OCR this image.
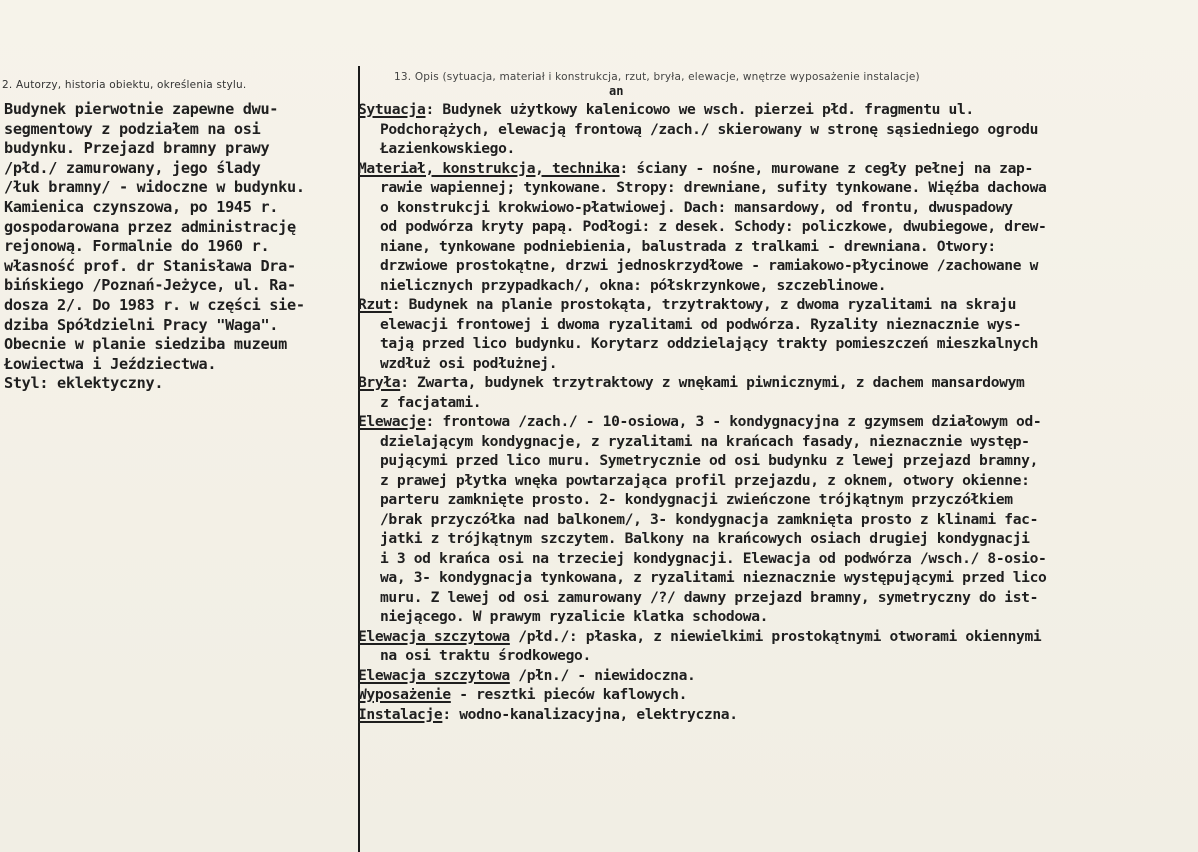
2. Autorzy, historia obiektu, określenia stylu.
13. Opis (sytuacja, materiał i konstrukcja, rzut, bryła, elewacje, wnętrze wyposażenie instalacje)
Budynek pierwotnie zapewne dwu-
segmentowy z podziałem na osi
budynku. Przejazd bramny prawy
/płd./ zamurowany, jego ślady
/łuk bramny/ - widoczne w budynku.
Kamienica czynszowa, po 1945 r.
gospodarowana przez administrację
rejonową. Formalnie do 1960 r.
własność prof. dr Stanisława Dra-
bińskiego /Poznań-Jeżyce, ul. Ra-
dosza 2/. Do 1983 r. w części sie-
dziba Spółdzielni Pracy "Waga".
Obecnie w planie siedziba muzeum
Łowiectwa i Jeździectwa.
Styl: eklektyczny.
an
Sytuacja: Budynek użytkowy kalenicowo we wsch. pierzei płd. fragmentu ul.
Podchorążych, elewacją frontową /zach./ skierowany w stronę sąsiedniego ogrodu
Łazienkowskiego.
Materiał, konstrukcja, technika: ściany - nośne, murowane z cegły pełnej na zap-
rawie wapiennej; tynkowane. Stropy: drewniane, sufity tynkowane. Więźba dachowa
o konstrukcji krokwiowo-płatwiowej. Dach: mansardowy, od frontu, dwuspadowy
od podwórza kryty papą. Podłogi: z desek. Schody: policzkowe, dwubiegowe, drew-
niane, tynkowane podniebienia, balustrada z tralkami - drewniana. Otwory:
drzwiowe prostokątne, drzwi jednoskrzydłowe - ramiakowo-płycinowe /zachowane w
nielicznych przypadkach/, okna: półskrzynkowe, szczeblinowe.
Rzut: Budynek na planie prostokąta, trzytraktowy, z dwoma ryzalitami na skraju
elewacji frontowej i dwoma ryzalitami od podwórza. Ryzality nieznacznie wys-
tają przed lico budynku. Korytarz oddzielający trakty pomieszczeń mieszkalnych
wzdłuż osi podłużnej.
Bryła: Zwarta, budynek trzytraktowy z wnękami piwnicznymi, z dachem mansardowym
z facjatami.
Elewacje: frontowa /zach./ - 10-osiowa, 3 - kondygnacyjna z gzymsem działowym od-
dzielającym kondygnacje, z ryzalitami na krańcach fasady, nieznacznie występ-
pującymi przed lico muru. Symetrycznie od osi budynku z lewej przejazd bramny,
z prawej płytka wnęka powtarzająca profil przejazdu, z oknem, otwory okienne:
parteru zamknięte prosto. 2- kondygnacji zwieńczone trójkątnym przyczółkiem
/brak przyczółka nad balkonem/, 3- kondygnacja zamknięta prosto z klinami fac-
jatki z trójkątnym szczytem. Balkony na krańcowych osiach drugiej kondygnacji
i 3 od krańca osi na trzeciej kondygnacji. Elewacja od podwórza /wsch./ 8-osio-
wa, 3- kondygnacja tynkowana, z ryzalitami nieznacznie występującymi przed lico
muru. Z lewej od osi zamurowany /?/ dawny przejazd bramny, symetryczny do ist-
niejącego. W prawym ryzalicie klatka schodowa.
Elewacja szczytowa /płd./: płaska, z niewielkimi prostokątnymi otworami okiennymi
na osi traktu środkowego.
Elewacja szczytowa /płn./ - niewidoczna.
Wyposażenie - resztki pieców kaflowych.
Instalacje: wodno-kanalizacyjna, elektryczna.
